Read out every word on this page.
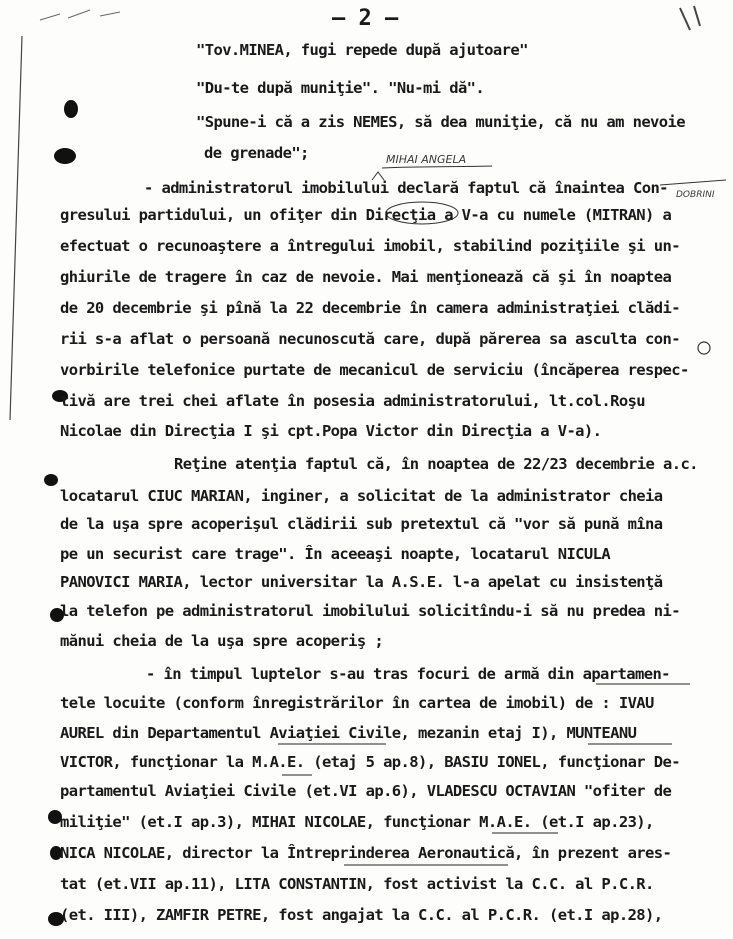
— 2 —
MIHAI ANGELA
DOBRINI
"Tov.MINEA, fugi repede după ajutoare"
"Du-te după muniţie". "Nu-mi dă".
"Spune-i că a zis NEMES, să dea muniţie, că nu am nevoie
de grenade";
- administratorul imobilului declară faptul că înaintea Con-
gresului partidului, un ofiţer din Direcţia a V-a cu numele (MITRAN) a
efectuat o recunoaştere a întregului imobil, stabilind poziţiile şi un-
ghiurile de tragere în caz de nevoie. Mai menţionează că şi în noaptea
de 20 decembrie şi pînă la 22 decembrie în camera administraţiei clădi-
rii s-a aflat o persoană necunoscută care, după părerea sa asculta con-
vorbirile telefonice purtate de mecanicul de serviciu (încăperea respec-
tivă are trei chei aflate în posesia administratorului, lt.col.Roşu
Nicolae din Direcţia I şi cpt.Popa Victor din Direcţia a V-a).
Reţine atenţia faptul că, în noaptea de 22/23 decembrie a.c.
locatarul CIUC MARIAN, inginer, a solicitat de la administrator cheia
de la uşa spre acoperişul clădirii sub pretextul că "vor să pună mîna
pe un securist care trage". În aceeaşi noapte, locatarul NICULA
PANOVICI MARIA, lector universitar la A.S.E. l-a apelat cu insistenţă
la telefon pe administratorul imobilului solicitîndu-i să nu predea ni-
mănui cheia de la uşa spre acoperiş ;
- în timpul luptelor s-au tras focuri de armă din apartamen-
tele locuite (conform înregistrărilor în cartea de imobil) de : IVAU
AUREL din Departamentul Aviaţiei Civile, mezanin etaj I), MUNTEANU
VICTOR, funcţionar la M.A.E. (etaj 5 ap.8), BASIU IONEL, funcţionar De-
partamentul Aviaţiei Civile (et.VI ap.6), VLADESCU OCTAVIAN "ofiter de
miliţie" (et.I ap.3), MIHAI NICOLAE, funcţionar M.A.E. (et.I ap.23),
NICA NICOLAE, director la Întreprinderea Aeronautică, în prezent ares-
tat (et.VII ap.11), LITA CONSTANTIN, fost activist la C.C. al P.C.R.
(et. III), ZAMFIR PETRE, fost angajat la C.C. al P.C.R. (et.I ap.28),
